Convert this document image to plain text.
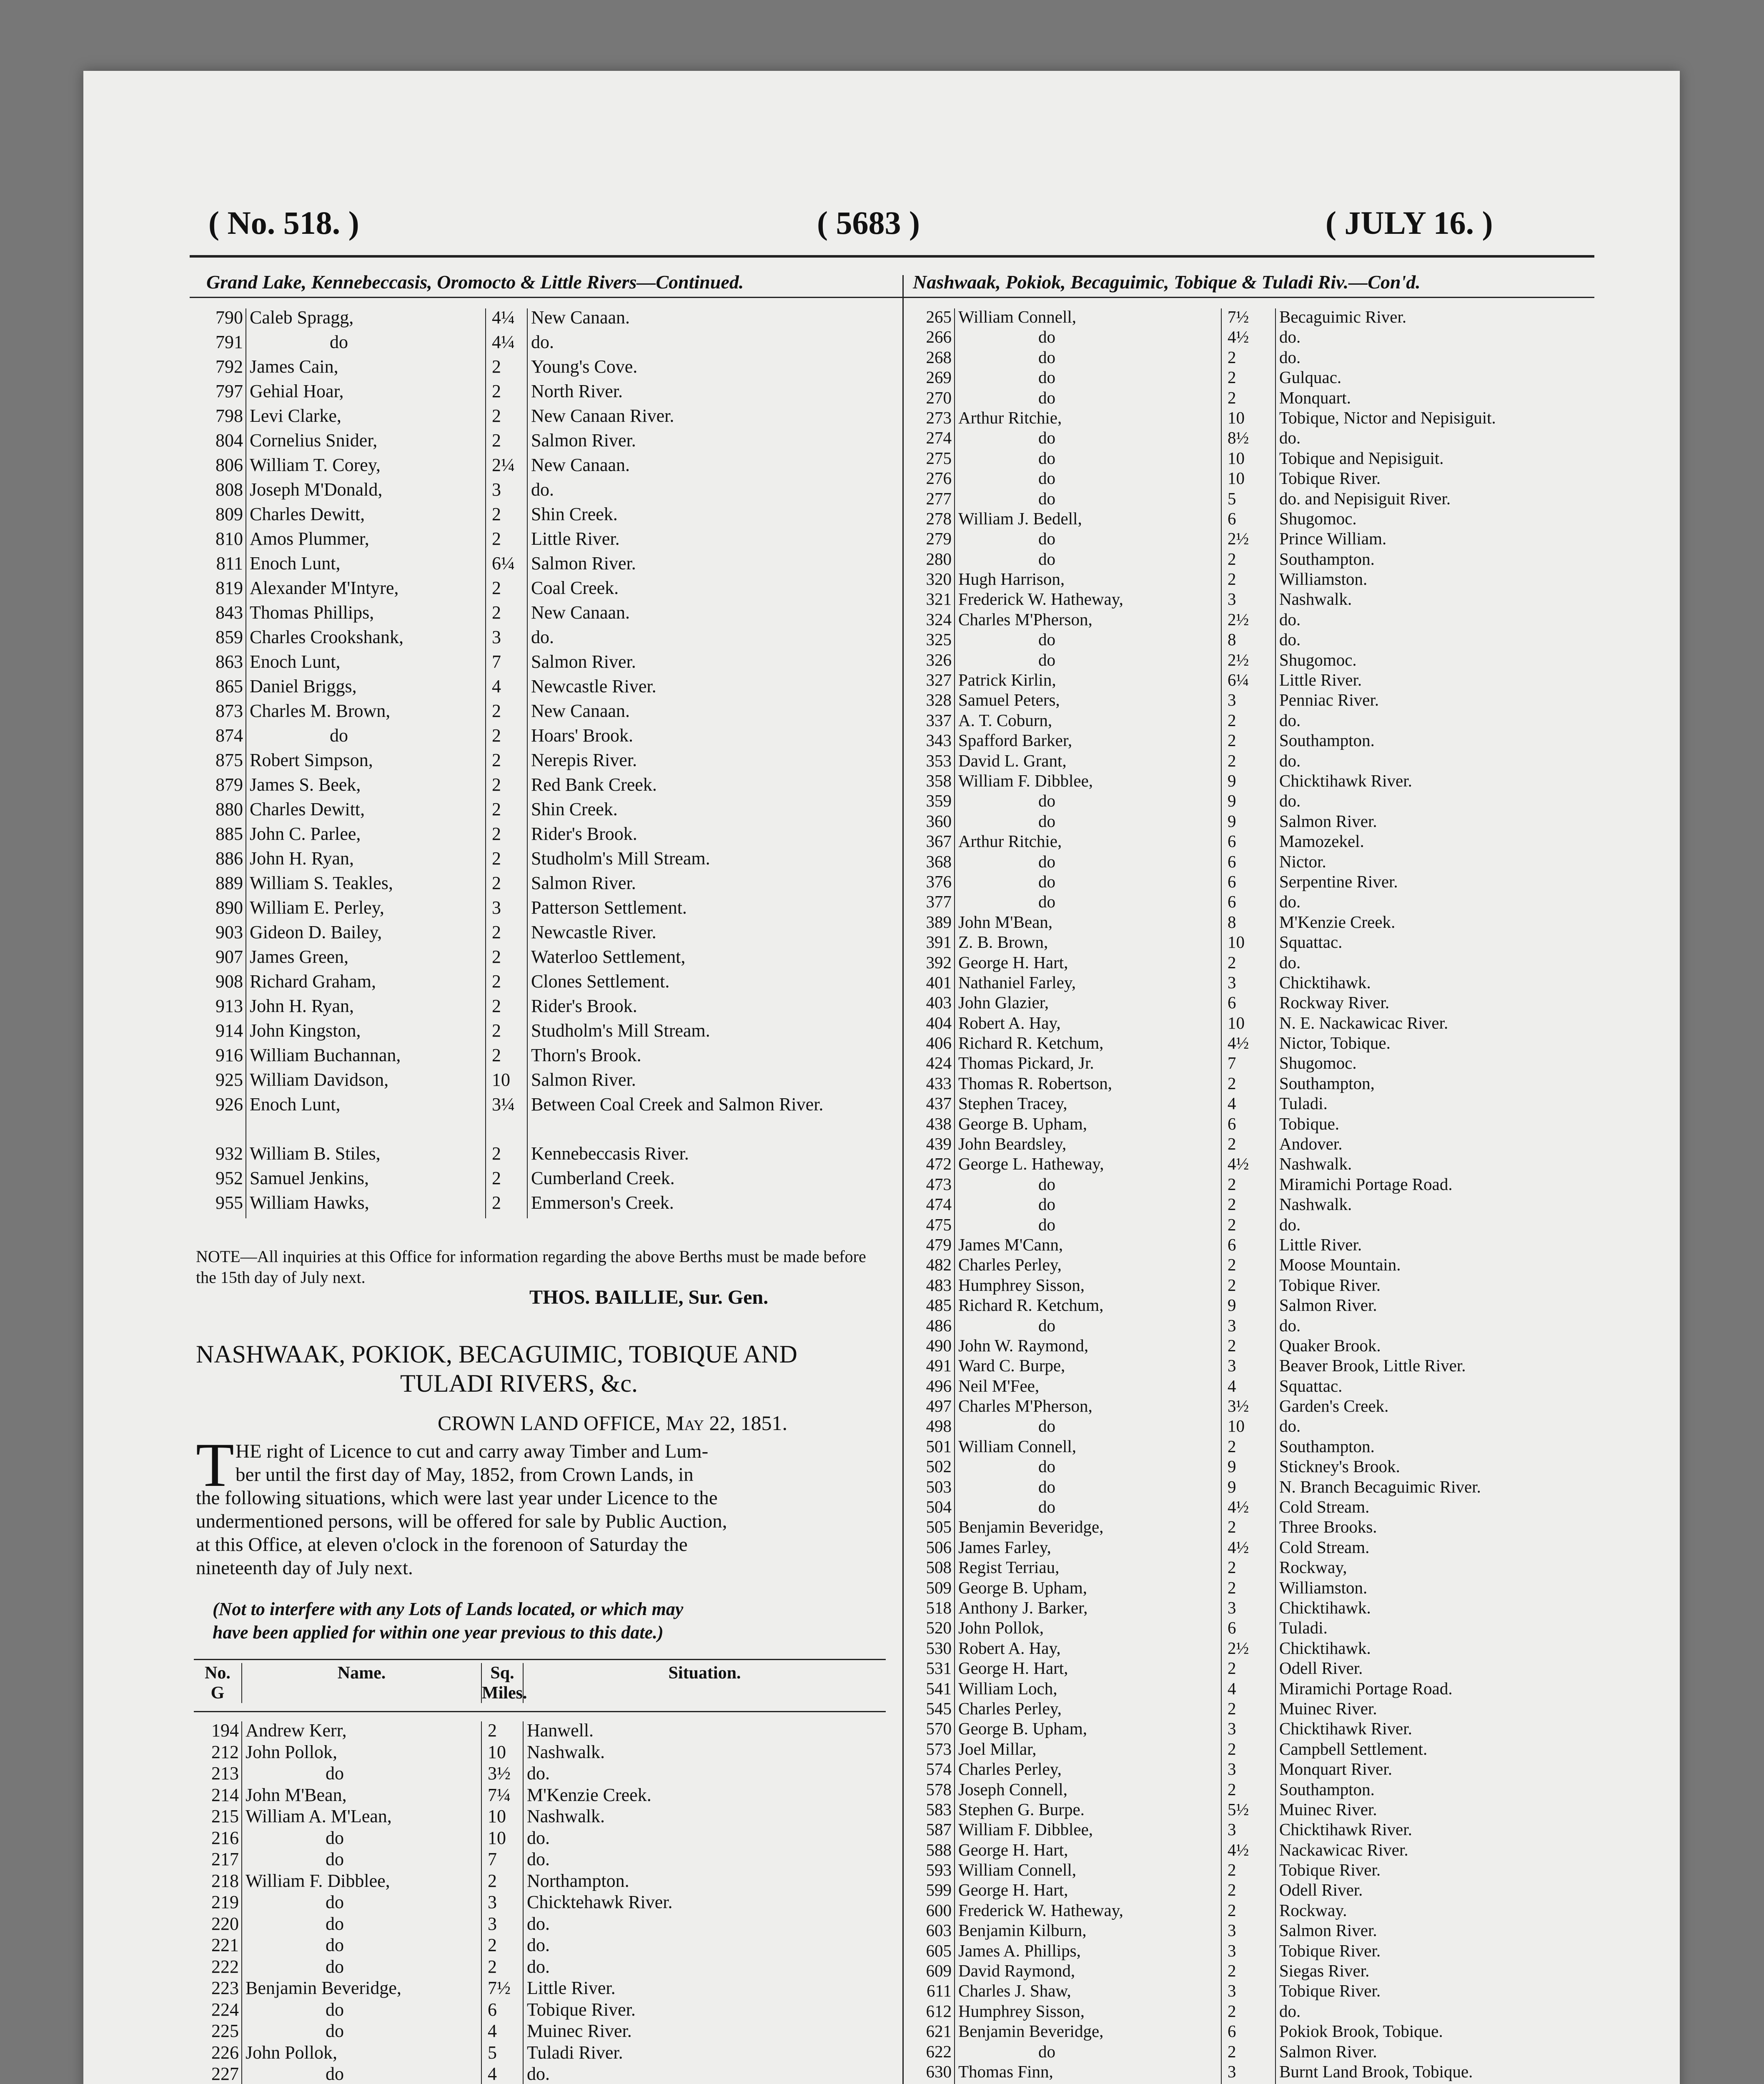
( No. 518. )	( 5683 )	( JULY 16. )
Grand Lake, Kennebeccasis, Oromocto & Little Rivers—Continued.	Nashwaak, Pokiok, Becaguimic, Tobique & Tuladi Riv.—Con'd.
790	Caleb Spragg,	4¼	New Canaan.
791	do	4¼	do.
792	James Cain,	2	Young's Cove.
797	Gehial Hoar,	2	North River.
798	Levi Clarke,	2	New Canaan River.
804	Cornelius Snider,	2	Salmon River.
806	William T. Corey,	2¼	New Canaan.
808	Joseph M'Donald,	3	do.
809	Charles Dewitt,	2	Shin Creek.
810	Amos Plummer,	2	Little River.
811	Enoch Lunt,	6¼	Salmon River.
819	Alexander M'Intyre,	2	Coal Creek.
843	Thomas Phillips,	2	New Canaan.
859	Charles Crookshank,	3	do.
863	Enoch Lunt,	7	Salmon River.
865	Daniel Briggs,	4	Newcastle River.
873	Charles M. Brown,	2	New Canaan.
874	do	2	Hoars' Brook.
875	Robert Simpson,	2	Nerepis River.
879	James S. Beek,	2	Red Bank Creek.
880	Charles Dewitt,	2	Shin Creek.
885	John C. Parlee,	2	Rider's Brook.
886	John H. Ryan,	2	Studholm's Mill Stream.
889	William S. Teakles,	2	Salmon River.
890	William E. Perley,	3	Patterson Settlement.
903	Gideon D. Bailey,	2	Newcastle River.
907	James Green,	2	Waterloo Settlement,
908	Richard Graham,	2	Clones Settlement.
913	John H. Ryan,	2	Rider's Brook.
914	John Kingston,	2	Studholm's Mill Stream.
916	William Buchannan,	2	Thorn's Brook.
925	William Davidson,	10	Salmon River.
926	Enoch Lunt,	3¼	Between Coal Creek and Salmon River.
932	William B. Stiles,	2	Kennebeccasis River.
952	Samuel Jenkins,	2	Cumberland Creek.
955	William Hawks,	2	Emmerson's Creek.
NOTE—All inquiries at this Office for information regarding the above Berths must be made before the 15th day of July next.
THOS. BAILLIE, Sur. Gen.
NASHWAAK, POKIOK, BECAGUIMIC, TOBIQUE AND
TULADI RIVERS, &c.
CROWN LAND OFFICE, May 22, 1851.
T HE right of Licence to cut and carry away Timber and Lum-
ber until the first day of May, 1852, from Crown Lands, in
the following situations, which were last year under Licence to the
undermentioned persons, will be offered for sale by Public Auction,
at this Office, at eleven o'clock in the forenoon of Saturday the
nineteenth day of July next.
(Not to interfere with any Lots of Lands located, or which may
have been applied for within one year previous to this date.)
No.
G
	Name.	Sq.
Miles.
	Situation.
194	Andrew Kerr,	2	Hanwell.
212	John Pollok,	10	Nashwalk.
213	do	3½	do.
214	John M'Bean,	7¼	M'Kenzie Creek.
215	William A. M'Lean,	10	Nashwalk.
216	do	10	do.
217	do	7	do.
218	William F. Dibblee,	2	Northampton.
219	do	3	Chicktehawk River.
220	do	3	do.
221	do	2	do.
222	do	2	do.
223	Benjamin Beveridge,	7½	Little River.
224	do	6	Tobique River.
225	do	4	Muinec River.
226	John Pollok,	5	Tuladi River.
227	do	4	do.

265	William Connell,	7½	Becaguimic River.
266	do	4½	do.
268	do	2	do.
269	do	2	Gulquac.
270	do	2	Monquart.
273	Arthur Ritchie,	10	Tobique, Nictor and Nepisiguit.
274	do	8½	do.
275	do	10	Tobique and Nepisiguit.
276	do	10	Tobique River.
277	do	5	do. and Nepisiguit River.
278	William J. Bedell,	6	Shugomoc.
279	do	2½	Prince William.
280	do	2	Southampton.
320	Hugh Harrison,	2	Williamston.
321	Frederick W. Hatheway,	3	Nashwalk.
324	Charles M'Pherson,	2½	do.
325	do	8	do.
326	do	2½	Shugomoc.
327	Patrick Kirlin,	6¼	Little River.
328	Samuel Peters,	3	Penniac River.
337	A. T. Coburn,	2	do.
343	Spafford Barker,	2	Southampton.
353	David L. Grant,	2	do.
358	William F. Dibblee,	9	Chicktihawk River.
359	do	9	do.
360	do	9	Salmon River.
367	Arthur Ritchie,	6	Mamozekel.
368	do	6	Nictor.
376	do	6	Serpentine River.
377	do	6	do.
389	John M'Bean,	8	M'Kenzie Creek.
391	Z. B. Brown,	10	Squattac.
392	George H. Hart,	2	do.
401	Nathaniel Farley,	3	Chicktihawk.
403	John Glazier,	6	Rockway River.
404	Robert A. Hay,	10	N. E. Nackawicac River.
406	Richard R. Ketchum,	4½	Nictor, Tobique.
424	Thomas Pickard, Jr.	7	Shugomoc.
433	Thomas R. Robertson,	2	Southampton,
437	Stephen Tracey,	4	Tuladi.
438	George B. Upham,	6	Tobique.
439	John Beardsley,	2	Andover.
472	George L. Hatheway,	4½	Nashwalk.
473	do	2	Miramichi Portage Road.
474	do	2	Nashwalk.
475	do	2	do.
479	James M'Cann,	6	Little River.
482	Charles Perley,	2	Moose Mountain.
483	Humphrey Sisson,	2	Tobique River.
485	Richard R. Ketchum,	9	Salmon River.
486	do	3	do.
490	John W. Raymond,	2	Quaker Brook.
491	Ward C. Burpe,	3	Beaver Brook, Little River.
496	Neil M'Fee,	4	Squattac.
497	Charles M'Pherson,	3½	Garden's Creek.
498	do	10	do.
501	William Connell,	2	Southampton.
502	do	9	Stickney's Brook.
503	do	9	N. Branch Becaguimic River.
504	do	4½	Cold Stream.
505	Benjamin Beveridge,	2	Three Brooks.
506	James Farley,	4½	Cold Stream.
508	Regist Terriau,	2	Rockway,
509	George B. Upham,	2	Williamston.
518	Anthony J. Barker,	3	Chicktihawk.
520	John Pollok,	6	Tuladi.
530	Robert A. Hay,	2½	Chicktihawk.
531	George H. Hart,	2	Odell River.
541	William Loch,	4	Miramichi Portage Road.
545	Charles Perley,	2	Muinec River.
570	George B. Upham,	3	Chicktihawk River.
573	Joel Millar,	2	Campbell Settlement.
574	Charles Perley,	3	Monquart River.
578	Joseph Connell,	2	Southampton.
583	Stephen G. Burpe.	5½	Muinec River.
587	William F. Dibblee,	3	Chicktihawk River.
588	George H. Hart,	4½	Nackawicac River.
593	William Connell,	2	Tobique River.
599	George H. Hart,	2	Odell River.
600	Frederick W. Hatheway,	2	Rockway.
603	Benjamin Kilburn,	3	Salmon River.
605	James A. Phillips,	3	Tobique River.
609	David Raymond,	2	Siegas River.
611	Charles J. Shaw,	3	Tobique River.
612	Humphrey Sisson,	2	do.
621	Benjamin Beveridge,	6	Pokiok Brook, Tobique.
622	do	2	Salmon River.
630	Thomas Finn,	3	Burnt Land Brook, Tobique.
